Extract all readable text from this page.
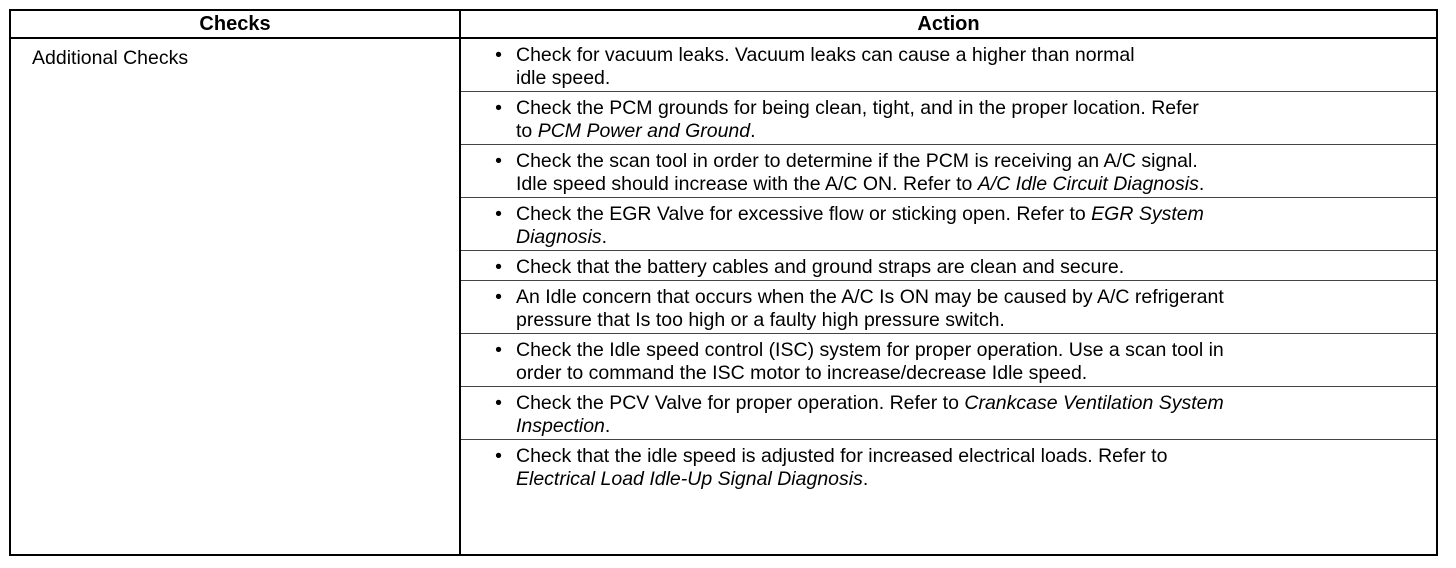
Checks	Action
Additional Checks	• Check for vacuum leaks. Vacuum leaks can cause a higher than normal
idle speed.
• Check the PCM grounds for being clean, tight, and in the proper location. Refer
to PCM Power and Ground.
• Check the scan tool in order to determine if the PCM is receiving an A/C signal.
Idle speed should increase with the A/C ON. Refer to A/C Idle Circuit Diagnosis.
• Check the EGR Valve for excessive flow or sticking open. Refer to EGR System
Diagnosis.
• Check that the battery cables and ground straps are clean and secure.
• An Idle concern that occurs when the A/C Is ON may be caused by A/C refrigerant
pressure that Is too high or a faulty high pressure switch.
• Check the Idle speed control (ISC) system for proper operation. Use a scan tool in
order to command the ISC motor to increase/decrease Idle speed.
• Check the PCV Valve for proper operation. Refer to Crankcase Ventilation System
Inspection.
• Check that the idle speed is adjusted for increased electrical loads. Refer to
Electrical Load Idle-Up Signal Diagnosis.
